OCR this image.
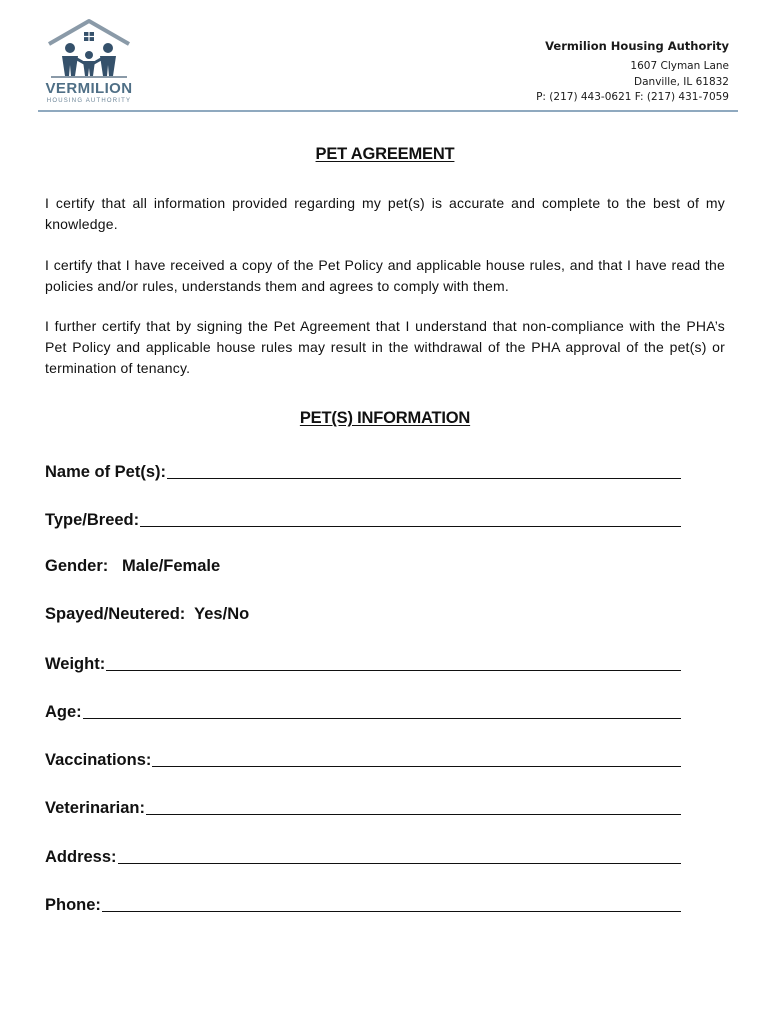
VERMILION
HOUSING AUTHORITY
Vermilion Housing Authority
1607 Clyman Lane
Danville, IL 61832
P: (217) 443-0621 F: (217) 431-7059
PET AGREEMENT

I certify that all information provided regarding my pet(s) is accurate and complete to the best of my knowledge.

I certify that I have received a copy of the Pet Policy and applicable house rules, and that I have read the policies and/or rules, understands them and agrees to comply with them.

I further certify that by signing the Pet Agreement that I understand that non-compliance with the PHA’s Pet Policy and applicable house rules may result in the withdrawal of the PHA approval of the pet(s) or termination of tenancy.

PET(S) INFORMATION
Name of Pet(s):
Type/Breed:
Gender:   Male/Female
Spayed/Neutered:  Yes/No
Weight:
Age:
Vaccinations:
Veterinarian:
Address:
Phone:
